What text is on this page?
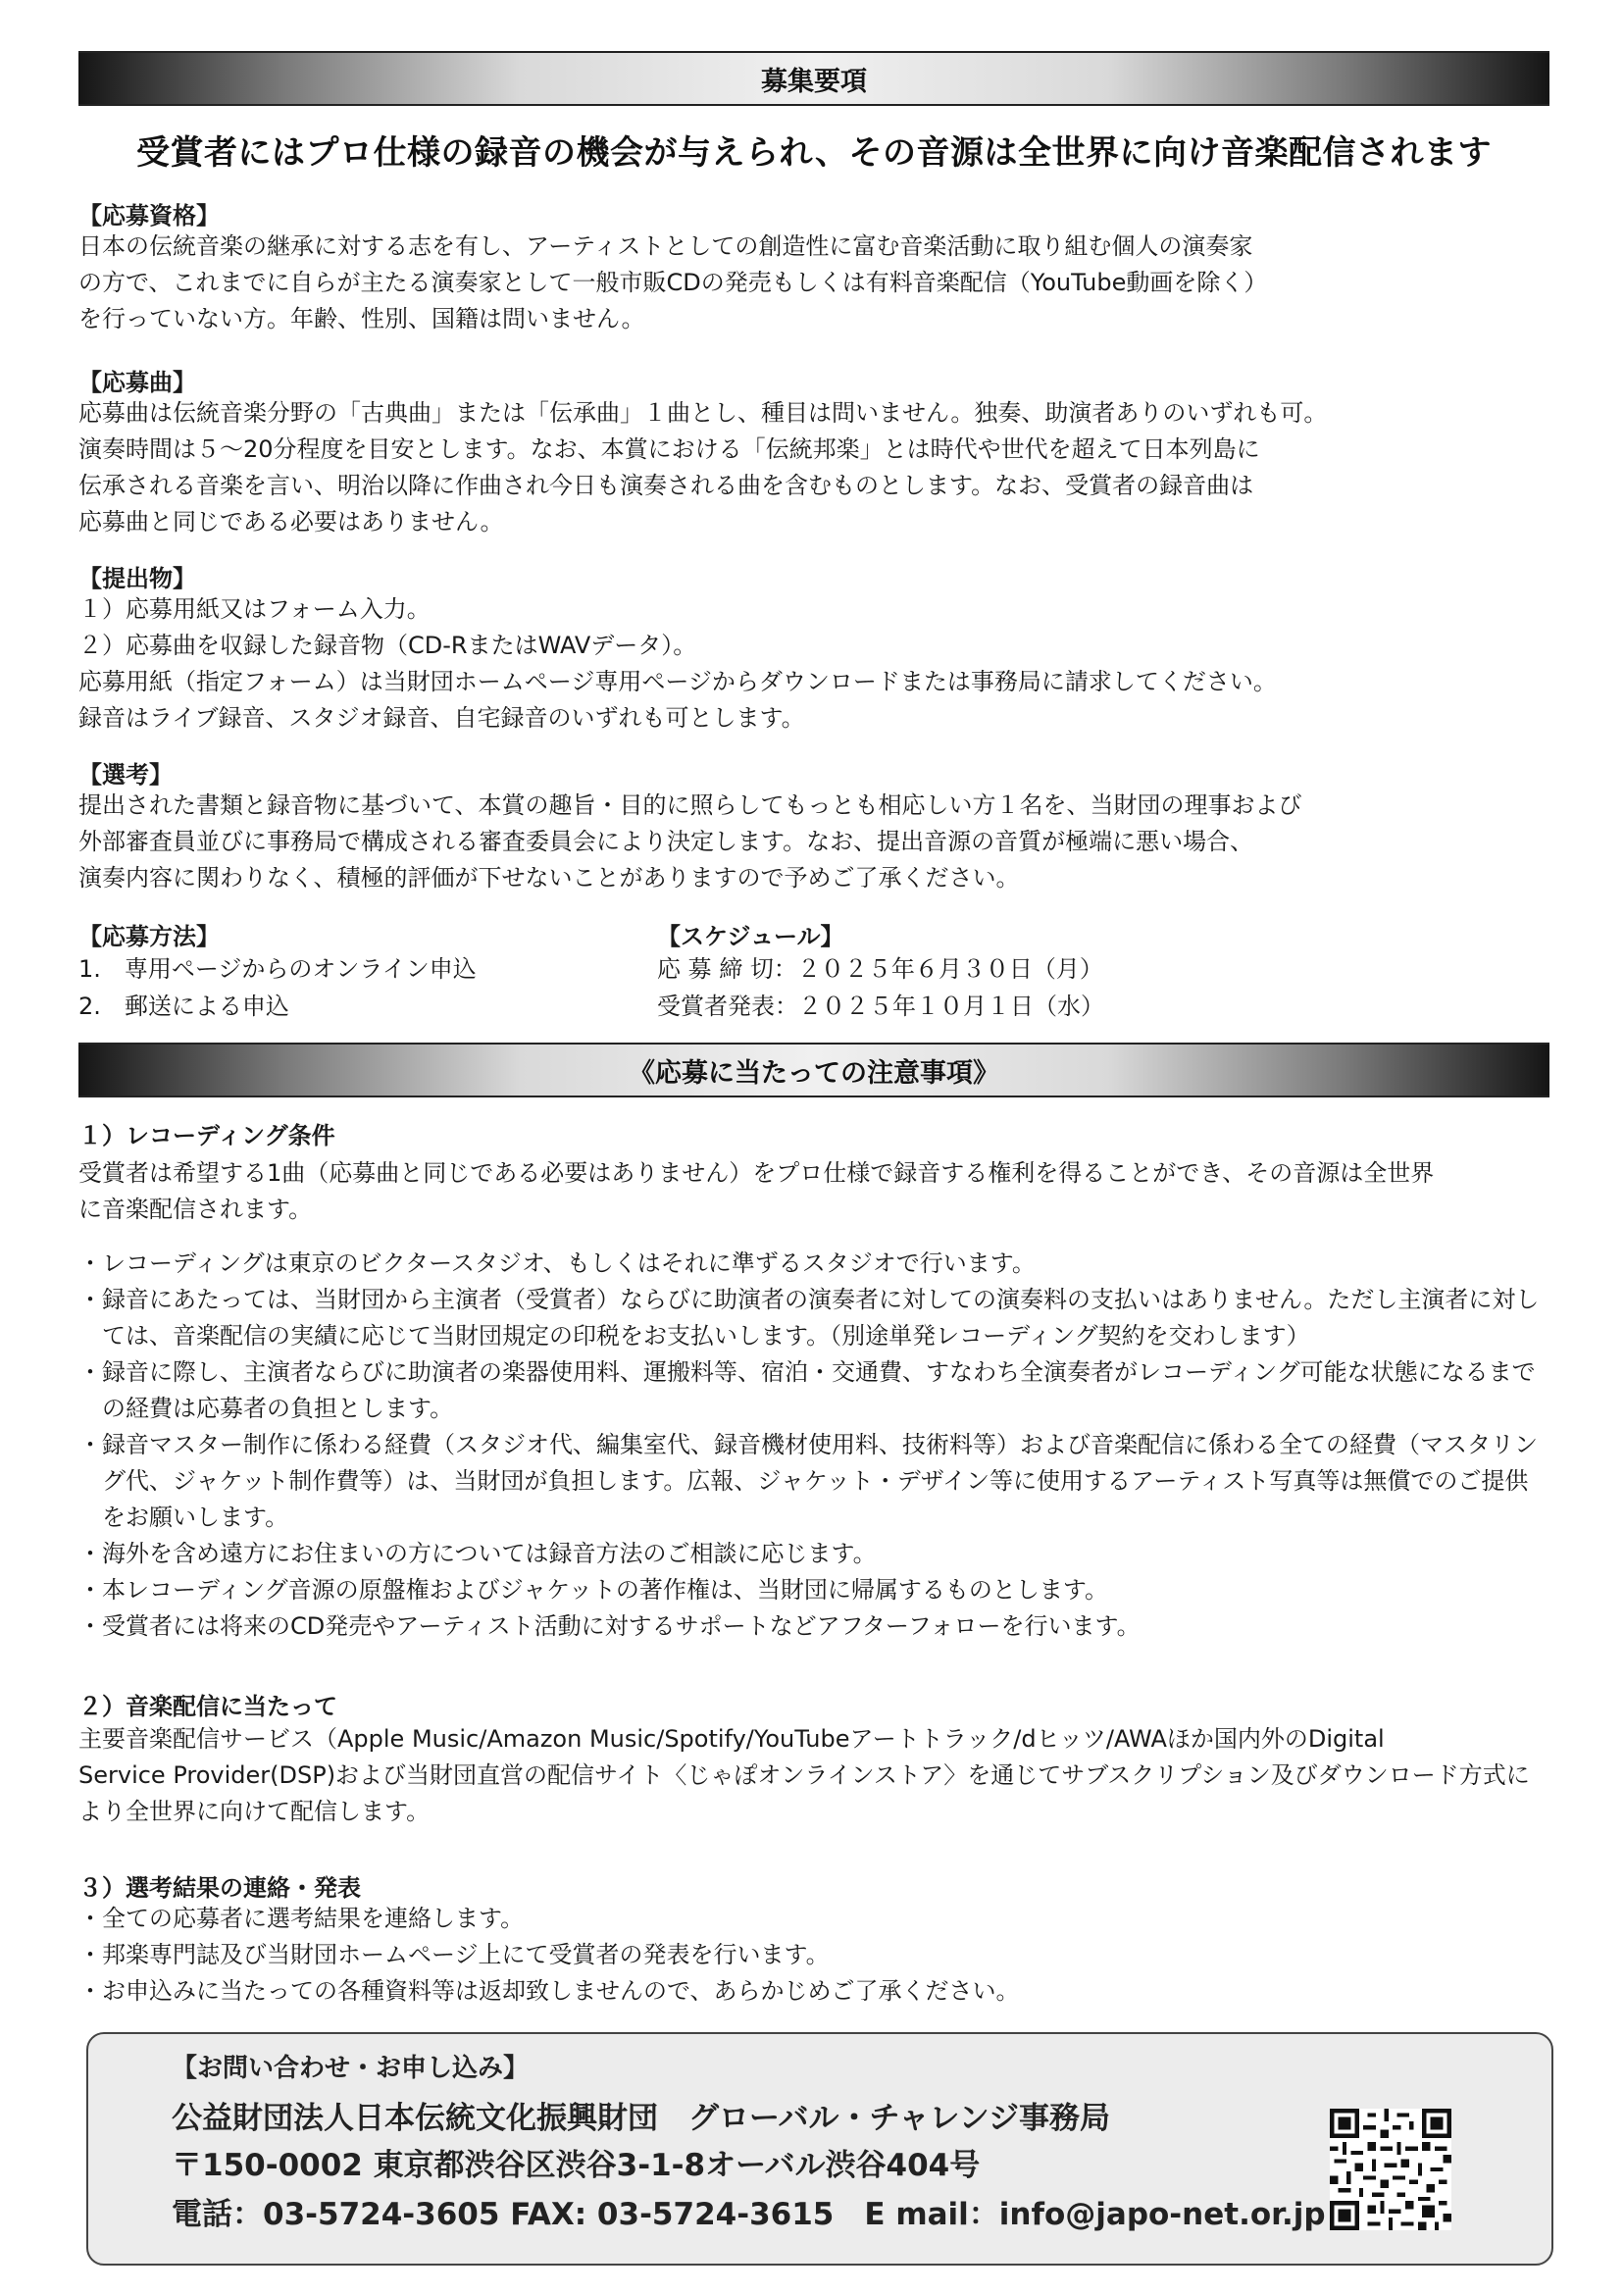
募集要項
受賞者にはプロ仕様の録音の機会が与えられ、その音源は全世界に向け音楽配信されます
【応募資格】

日本の伝統音楽の継承に対する志を有し、アーティストとしての創造性に富む音楽活動に取り組む個人の演奏家
の方で、これまでに自らが主たる演奏家として一般市販CDの発売もしくは有料音楽配信（YouTube動画を除く）
を行っていない方。年齢、性別、国籍は問いません。

【応募曲】

応募曲は伝統音楽分野の「古典曲」または「伝承曲」１曲とし、種目は問いません。独奏、助演者ありのいずれも可。
演奏時間は５～20分程度を目安とします。なお、本賞における「伝統邦楽」とは時代や世代を超えて日本列島に
伝承される音楽を言い、明治以降に作曲され今日も演奏される曲を含むものとします。なお、受賞者の録音曲は
応募曲と同じである必要はありません。

【提出物】

１）応募用紙又はフォーム入力。
２）応募曲を収録した録音物（CD-RまたはWAVデータ）。
応募用紙（指定フォーム）は当財団ホームページ専用ページからダウンロードまたは事務局に請求してください。
録音はライブ録音、スタジオ録音、自宅録音のいずれも可とします。

【選考】

提出された書類と録音物に基づいて、本賞の趣旨・目的に照らしてもっとも相応しい方１名を、当財団の理事および
外部審査員並びに事務局で構成される審査委員会により決定します。なお、提出音源の音質が極端に悪い場合、
演奏内容に関わりなく、積極的評価が下せないことがありますので予めご了承ください。

【応募方法】
1.　専用ページからのオンライン申込
2.　郵送による申込
【スケジュール】
応 募 締 切：２０２５年６月３０日（月）
受賞者発表：２０２５年１０月１日（水）
《応募に当たっての注意事項》
１）レコーディング条件

受賞者は希望する1曲（応募曲と同じである必要はありません）をプロ仕様で録音する権利を得ることができ、その音源は全世界
に音楽配信されます。

・レコーディングは東京のビクタースタジオ、もしくはそれに準ずるスタジオで行います。
・録音にあたっては、当財団から主演者（受賞者）ならびに助演者の演奏者に対しての演奏料の支払いはありません。ただし主演者に対しては、音楽配信の実績に応じて当財団規定の印税をお支払いします。（別途単発レコーディング契約を交わします）
・録音に際し、主演者ならびに助演者の楽器使用料、運搬料等、宿泊・交通費、すなわち全演奏者がレコーディング可能な状態になるまでの経費は応募者の負担とします。
・録音マスター制作に係わる経費（スタジオ代、編集室代、録音機材使用料、技術料等）および音楽配信に係わる全ての経費（マスタリング代、ジャケット制作費等）は、当財団が負担します。広報、ジャケット・デザイン等に使用するアーティスト写真等は無償でのご提供をお願いします。
・海外を含め遠方にお住まいの方については録音方法のご相談に応じます。
・本レコーディング音源の原盤権およびジャケットの著作権は、当財団に帰属するものとします。
・受賞者には将来のCD発売やアーティスト活動に対するサポートなどアフターフォローを行います。
２）音楽配信に当たって

主要音楽配信サービス（Apple Music/Amazon Music/Spotify/YouTubeアートトラック/dヒッツ/AWAほか国内外のDigital
Service Provider(DSP)および当財団直営の配信サイト〈じゃぽオンラインストア〉を通じてサブスクリプション及びダウンロード方式に
より全世界に向けて配信します。

３）選考結果の連絡・発表
・全ての応募者に選考結果を連絡します。
・邦楽専門誌及び当財団ホームページ上にて受賞者の発表を行います。
・お申込みに当たっての各種資料等は返却致しませんので、あらかじめご了承ください。
【お問い合わせ・お申し込み】
公益財団法人日本伝統文化振興財団　グローバル・チャレンジ事務局
〒150-0002 東京都渋谷区渋谷3-1-8オーバル渋谷404号
電話：03-5724-3605 FAX: 03-5724-3615　E mail：info@japo-net.or.jp
